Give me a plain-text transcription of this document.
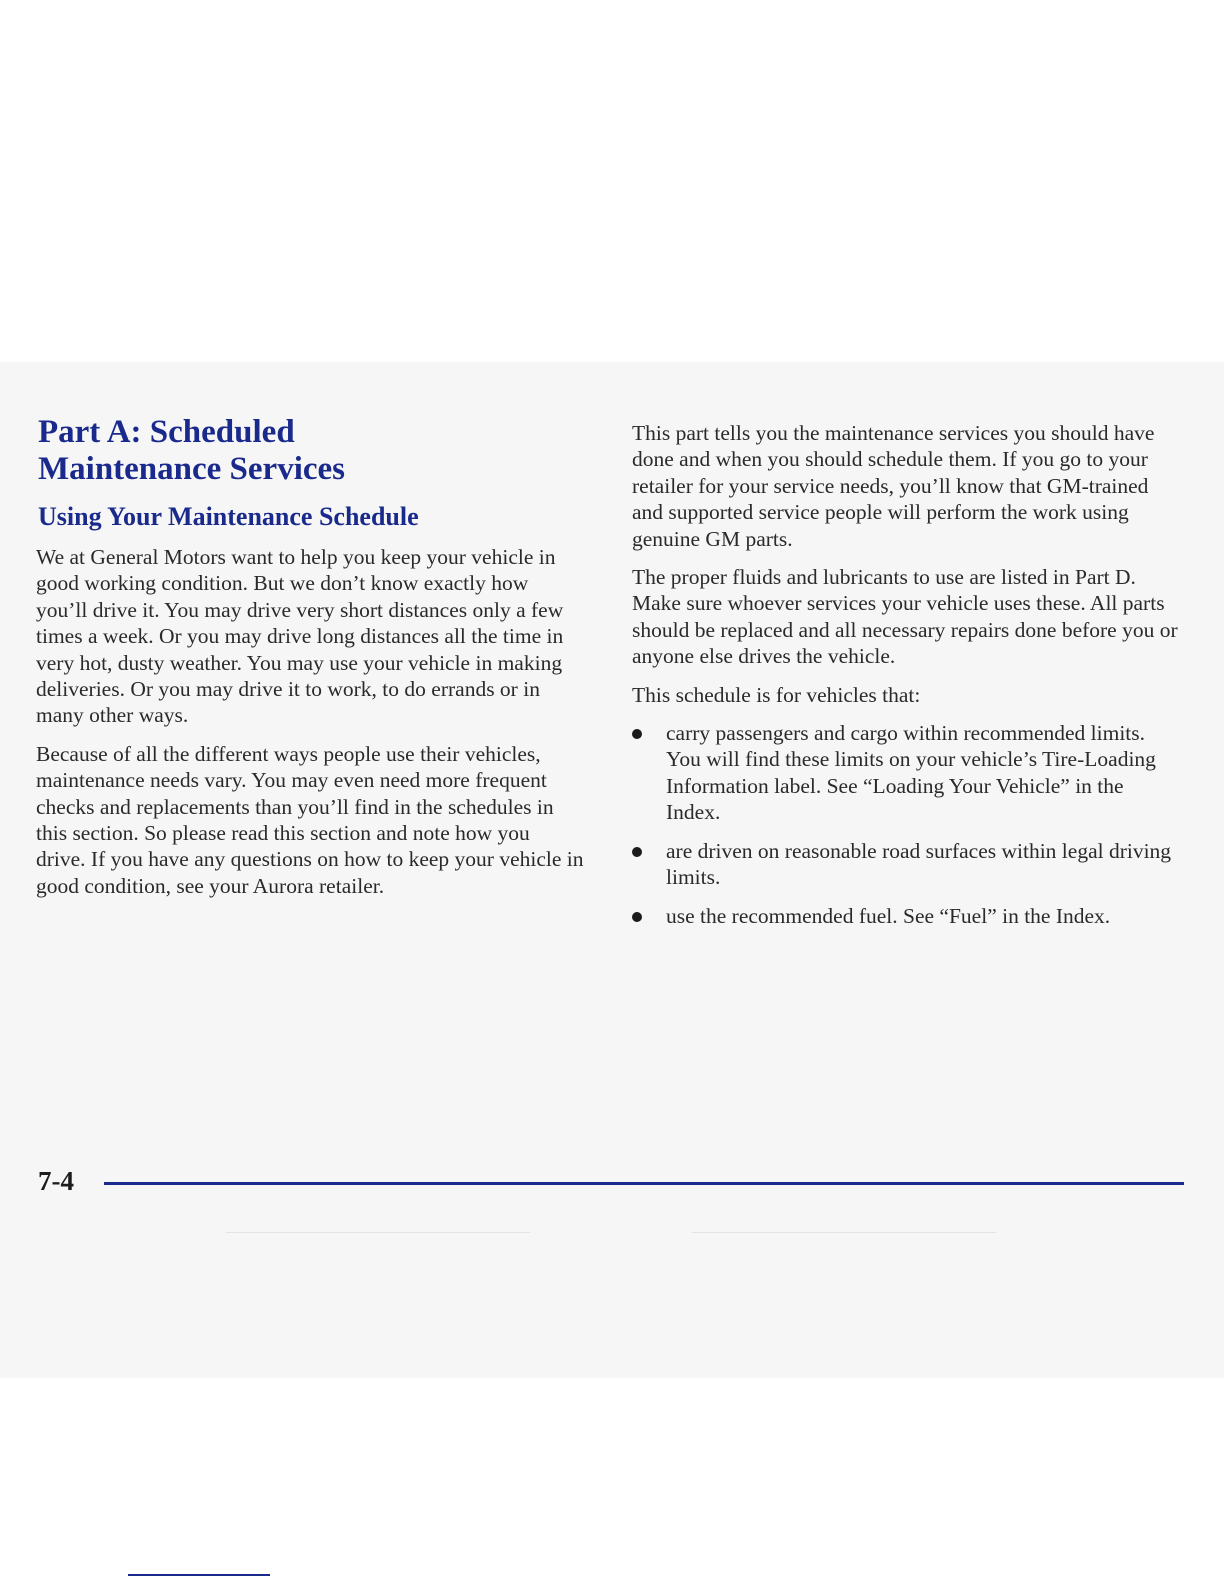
Part A: Scheduled
Maintenance Services
Using Your Maintenance Schedule

We at General Motors want to help you keep your vehicle in good working condition. But we don’t know exactly how you’ll drive it. You may drive very short distances only a few times a week. Or you may drive long distances all the time in very hot, dusty weather. You may use your vehicle in making deliveries. Or you may drive it to work, to do errands or in many other ways.

Because of all the different ways people use their vehicles, maintenance needs vary. You may even need more frequent checks and replacements than you’ll find in the schedules in this section. So please read this section and note how you drive. If you have any questions on how to keep your vehicle in good condition, see your Aurora retailer.

This part tells you the maintenance services you should have done and when you should schedule them. If you go to your retailer for your service needs, you’ll know that GM-trained and supported service people will perform the work using genuine GM parts.

The proper fluids and lubricants to use are listed in Part D. Make sure whoever services your vehicle uses these. All parts should be replaced and all necessary repairs done before you or anyone else drives the vehicle.

This schedule is for vehicles that:

carry passengers and cargo within recommended limits. You will find these limits on your vehicle’s Tire-Loading Information label. See “Loading Your Vehicle” in the Index.
are driven on reasonable road surfaces within legal driving limits.
use the recommended fuel. See “Fuel” in the Index.
7-4
